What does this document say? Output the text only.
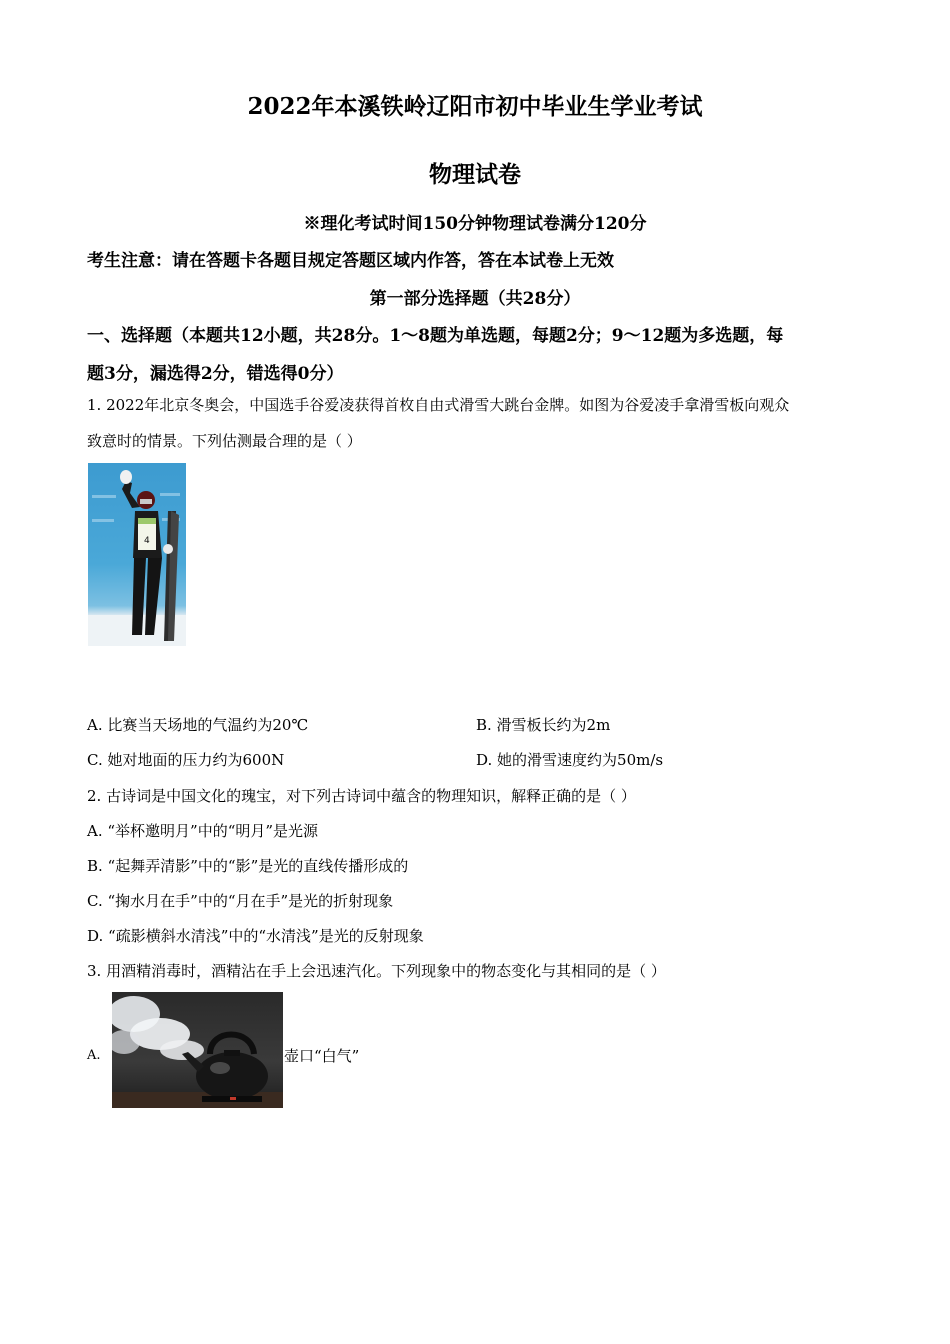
2022年本溪铁岭辽阳市初中毕业生学业考试
物理试卷
※理化考试时间150分钟物理试卷满分120分
考生注意：请在答题卡各题目规定答题区域内作答，答在本试卷上无效
第一部分选择题（共28分）
一、选择题（本题共12小题，共28分。1～8题为单选题，每题2分；9～12题为多选题，每
题3分，漏选得2分，错选得0分）
1. 2022年北京冬奥会，中国选手谷爱凌获得首枚自由式滑雪大跳台金牌。如图为谷爱凌手拿滑雪板向观众
致意时的情景。下列估测最合理的是（ ）
4
A. 比赛当天场地的气温约为20℃	B. 滑雪板长约为2m
C. 她对地面的压力约为600N	D. 她的滑雪速度约为50m/s
2. 古诗词是中国文化的瑰宝，对下列古诗词中蕴含的物理知识，解释正确的是（ ）
A. “举杯邀明月”中的“明月”是光源
B. “起舞弄清影”中的“影”是光的直线传播形成的
C. “掬水月在手”中的“月在手”是光的折射现象
D. “疏影横斜水清浅”中的“水清浅”是光的反射现象
3. 用酒精消毒时，酒精沾在手上会迅速汽化。下列现象中的物态变化与其相同的是（ ）
A.	壶口“白气”
